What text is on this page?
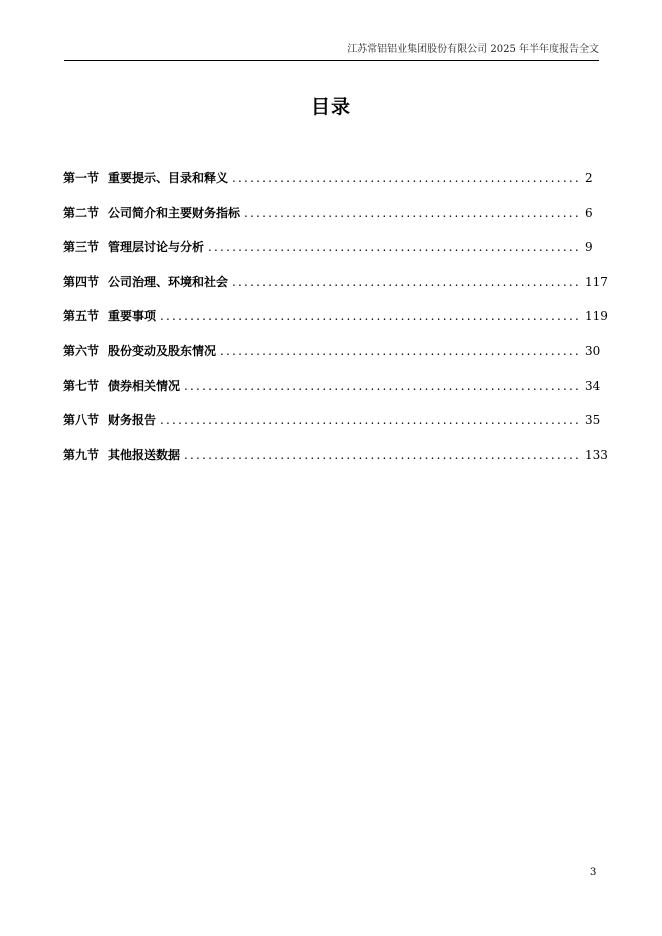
江苏常铝铝业集团股份有限公司 2025 年半年度报告全文
目录
第一节 重要提示、目录和释义 .....	2
第二节 公司简介和主要财务指标 .....	6
第三节 管理层讨论与分析 .....	9
第四节 公司治理、环境和社会 .....	117
第五节 重要事项 .....	119
第六节 股份变动及股东情况 .....	30
第七节 债券相关情况 .....	34
第八节 财务报告 .....	35
第九节 其他报送数据 .....	133
3
